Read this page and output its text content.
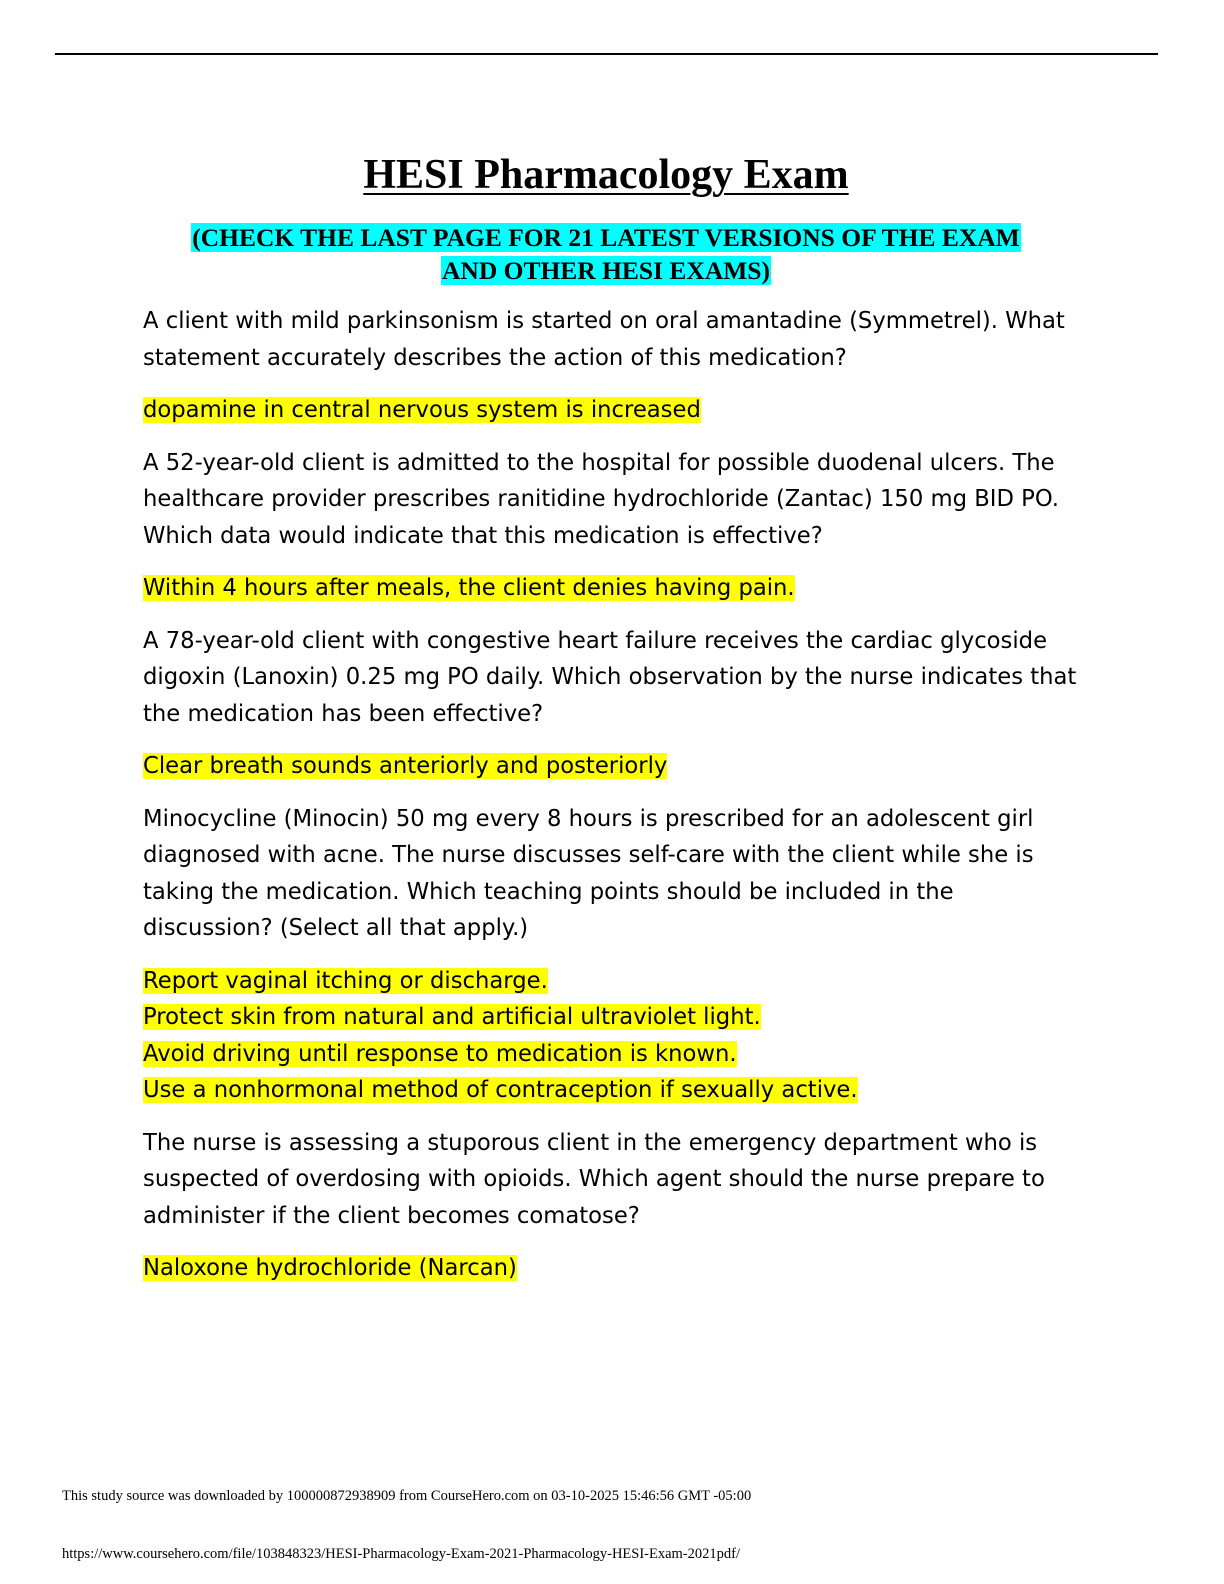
HESI Pharmacology Exam
(CHECK THE LAST PAGE FOR 21 LATEST VERSIONS OF THE EXAM
AND OTHER HESI EXAMS)

A client with mild parkinsonism is started on oral amantadine (Symmetrel). What statement accurately describes the action of this medication?

dopamine in central nervous system is increased

A 52-year-old client is admitted to the hospital for possible duodenal ulcers. The healthcare provider prescribes ranitidine hydrochloride (Zantac) 150 mg BID PO. Which data would indicate that this medication is effective?

Within 4 hours after meals, the client denies having pain.

A 78-year-old client with congestive heart failure receives the cardiac glycoside digoxin (Lanoxin) 0.25 mg PO daily. Which observation by the nurse indicates that the medication has been effective?

Clear breath sounds anteriorly and posteriorly

Minocycline (Minocin) 50 mg every 8 hours is prescribed for an adolescent girl diagnosed with acne. The nurse discusses self-care with the client while she is taking the medication. Which teaching points should be included in the discussion? (Select all that apply.)

Report vaginal itching or discharge.

Protect skin from natural and artificial ultraviolet light.

Avoid driving until response to medication is known.

Use a nonhormonal method of contraception if sexually active.

The nurse is assessing a stuporous client in the emergency department who is suspected of overdosing with opioids. Which agent should the nurse prepare to administer if the client becomes comatose?

Naloxone hydrochloride (Narcan)

This study source was downloaded by 100000872938909 from CourseHero.com on 03-10-2025 15:46:56 GMT -05:00
https://www.coursehero.com/file/103848323/HESI-Pharmacology-Exam-2021-Pharmacology-HESI-Exam-2021pdf/
